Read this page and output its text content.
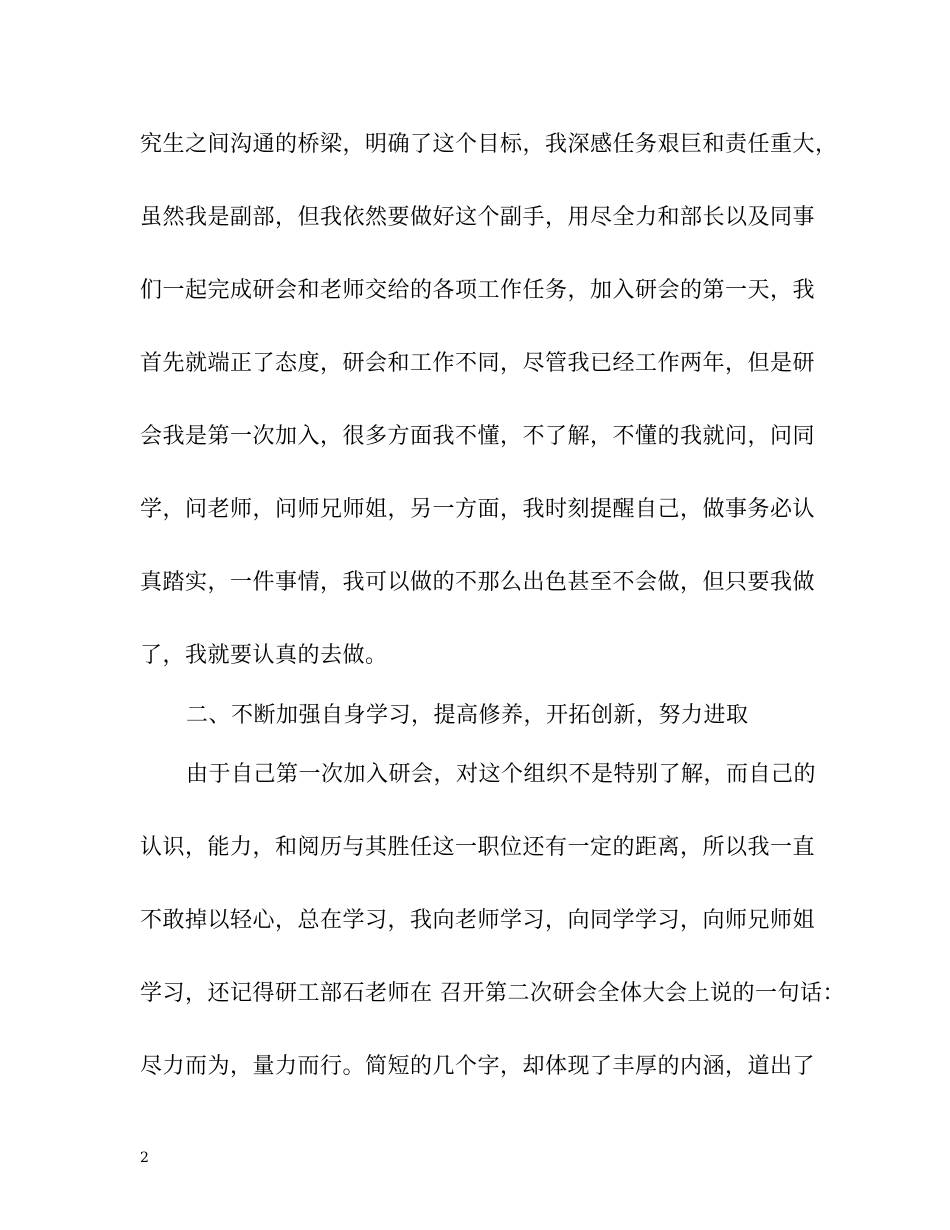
究生之间沟通的桥梁，明确了这个目标，我深感任务艰巨和责任重大，
虽然我是副部，但我依然要做好这个副手，用尽全力和部长以及同事
们一起完成研会和老师交给的各项工作任务，加入研会的第一天，我
首先就端正了态度，研会和工作不同，尽管我已经工作两年，但是研
会我是第一次加入，很多方面我不懂，不了解，不懂的我就问，问同
学，问老师，问师兄师姐，另一方面，我时刻提醒自己，做事务必认
真踏实，一件事情，我可以做的不那么出色甚至不会做，但只要我做
了，我就要认真的去做。
二、不断加强自身学习，提高修养，开拓创新，努力进取
由于自己第一次加入研会，对这个组织不是特别了解，而自己的
认识，能力，和阅历与其胜任这一职位还有一定的距离，所以我一直
不敢掉以轻心，总在学习，我向老师学习，向同学学习，向师兄师姐
学习，还记得研工部石老师在 召开第二次研会全体大会上说的一句话：
尽力而为，量力而行。简短的几个字，却体现了丰厚的内涵，道出了
2
